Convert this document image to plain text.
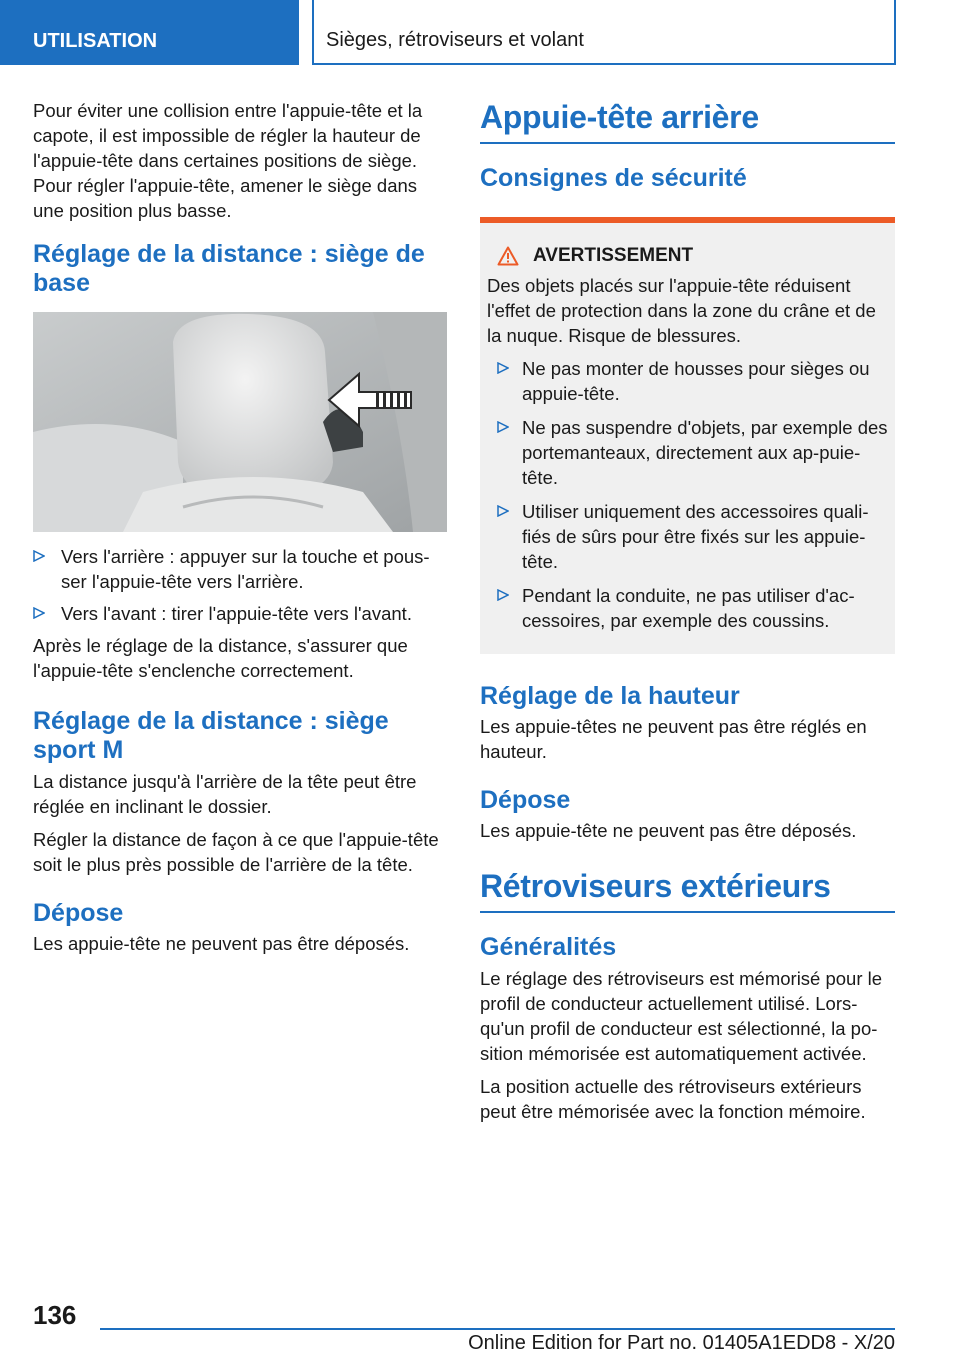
UTILISATION	Sièges, rétroviseurs et volant

Pour éviter une collision entre l'appuie-tête et la capote, il est impossible de régler la hauteur de l'appuie-tête dans certaines positions de siège. Pour régler l'appuie-tête, amener le siège dans une position plus basse.

Réglage de la distance : siège de base
Vers l'arrière : appuyer sur la touche et pous-ser l'appuie-tête vers l'arrière.
Vers l'avant : tirer l'appuie-tête vers l'avant.

Après le réglage de la distance, s'assurer que l'appuie-tête s'enclenche correctement.

Réglage de la distance : siège sport M

La distance jusqu'à l'arrière de la tête peut être réglée en inclinant le dossier.

Régler la distance de façon à ce que l'appuie-tête soit le plus près possible de l'arrière de la tête.

Dépose

Les appuie-tête ne peuvent pas être déposés.

Appuie-tête arrière
Consignes de sécurité
AVERTISSEMENT

Des objets placés sur l'appuie-tête réduisent l'effet de protection dans la zone du crâne et de la nuque. Risque de blessures.

Ne pas monter de housses pour sièges ou appuie-tête.
Ne pas suspendre d'objets, par exemple des portemanteaux, directement aux ap-puie-tête.
Utiliser uniquement des accessoires quali-fiés de sûrs pour être fixés sur les appuie-tête.
Pendant la conduite, ne pas utiliser d'ac-cessoires, par exemple des coussins.
Réglage de la hauteur

Les appuie-têtes ne peuvent pas être réglés en hauteur.

Dépose

Les appuie-tête ne peuvent pas être déposés.

Rétroviseurs extérieurs
Généralités

Le réglage des rétroviseurs est mémorisé pour le profil de conducteur actuellement utilisé. Lors-qu'un profil de conducteur est sélectionné, la po-sition mémorisée est automatiquement activée.

La position actuelle des rétroviseurs extérieurs peut être mémorisée avec la fonction mémoire.

136
Online Edition for Part no. 01405A1EDD8 - X/20
